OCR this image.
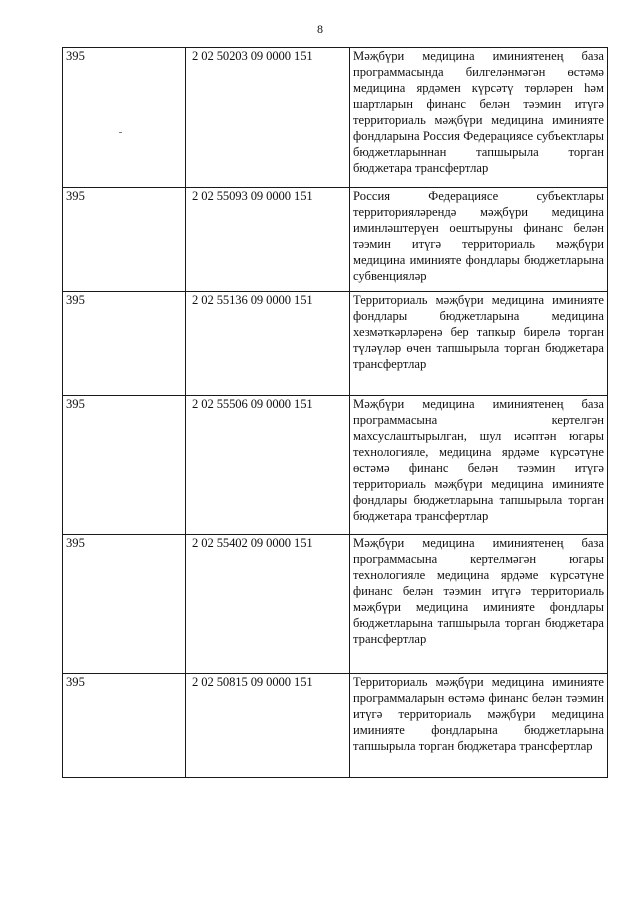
8
395	2 02 50203 09 0000 151	Мәҗбүри медицина иминиятенең база программасында билгеләнмәгән өстәмә медицина ярдәмен күрсәтү төрләрен һәм шартларын финанс белән тәэмин итүгә территориаль мәҗбүри медицина иминияте фондларына Россия Федерациясе субъектлары бюджетларыннан тапшырыла торган бюджетара трансфертлар

395	2 02 55093 09 0000 151	Россия Федерациясе субъектлары территорияләрендә мәҗбүри медицина иминләштерүен оештыруны финанс белән тәэмин итүгә территориаль мәҗбүри медицина иминияте фондлары бюджетларына субвенцияләр

395	2 02 55136 09 0000 151	Территориаль мәҗбүри медицина иминияте фондлары бюджетларына медицина хезмәткәрләренә бер тапкыр бирелә торган түләүләр өчен тапшырыла торган бюджетара трансфертлар

395	2 02 55506 09 0000 151	Мәҗбүри медицина иминиятенең база программасына кертелгән махсуслаштырылган, шул исәптән югары технологияле, медицина ярдәме күрсәтүне өстәмә финанс белән тәэмин итүгә территориаль мәҗбүри медицина иминияте фондлары бюджетларына тапшырыла торган бюджетара трансфертлар

395	2 02 55402 09 0000 151	Мәҗбүри медицина иминиятенең база программасына кертелмәгән югары технологияле медицина ярдәме күрсәтүне финанс белән тәэмин итүгә территориаль мәҗбүри медицина иминияте фондлары бюджетларына тапшырыла торган бюджетара трансфертлар

395	2 02 50815 09 0000 151	Территориаль мәҗбүри медицина иминияте программаларын өстәмә финанс белән тәэмин итүгә территориаль мәҗбүри медицина иминияте фондларына бюджетларына тапшырыла торган бюджетара трансфертлар
